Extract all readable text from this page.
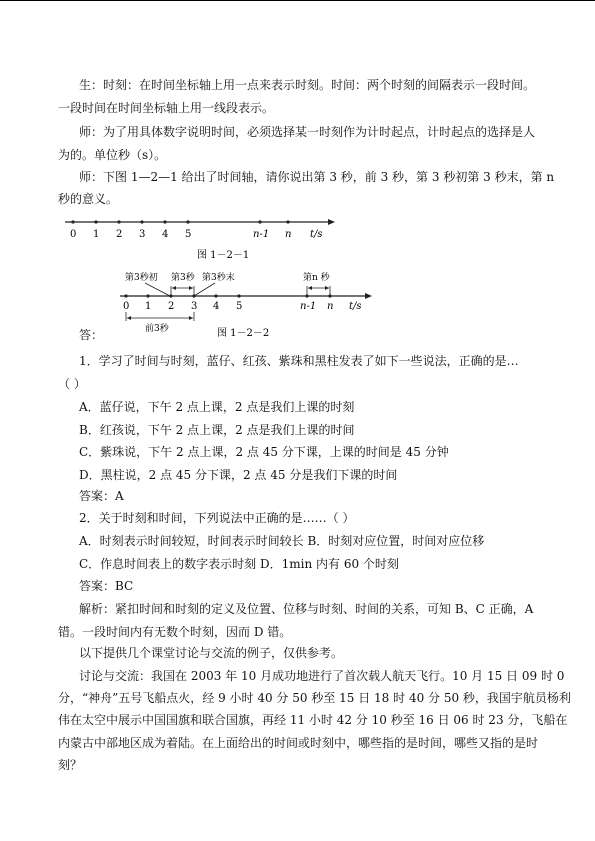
生：时刻：在时间坐标轴上用一点来表示时刻。时间：两个时刻的间隔表示一段时间。
一段时间在时间坐标轴上用一线段表示。
师：为了用具体数字说明时间，必须选择某一时刻作为计时起点，计时起点的选择是人
为的。单位秒（s）。
师：下图 1—2—1 给出了时间轴，请你说出第 3 秒，前 3 秒，第 3 秒初第 3 秒末，第 n
秒的意义。
0 1 2 3 4 5	n-1 n t/s
图 1－2－1
第3秒初 第3秒 第3秒末	第n 秒
0 1 2 3 4 5	n-1 n t/s
前3秒	图 1－2－2
答：
1．学习了时间与时刻，蓝仔、红孩、紫珠和黑柱发表了如下一些说法，正确的是…
（ ）
A．蓝仔说，下午 2 点上课，2 点是我们上课的时刻
B．红孩说，下午 2 点上课，2 点是我们上课的时间
C．紫珠说，下午 2 点上课，2 点 45 分下课，上课的时间是 45 分钟
D．黑柱说，2 点 45 分下课，2 点 45 分是我们下课的时间
答案：A
2．关于时刻和时间，下列说法中正确的是……（ ）
A．时刻表示时间较短，时间表示时间较长 B．时刻对应位置，时间对应位移
C．作息时间表上的数字表示时刻 D．1min 内有 60 个时刻
答案：BC
解析：紧扣时间和时刻的定义及位置、位移与时刻、时间的关系，可知 B、C 正确，A
错。一段时间内有无数个时刻，因而 D 错。
以下提供几个课堂讨论与交流的例子，仅供参考。
讨论与交流：我国在 2003 年 10 月成功地进行了首次载人航天飞行。10 月 15 日 09 时 0
分，“神舟”五号飞船点火，经 9 小时 40 分 50 秒至 15 日 18 时 40 分 50 秒，我国宇航员杨利
伟在太空中展示中国国旗和联合国旗，再经 11 小时 42 分 10 秒至 16 日 06 时 23 分，飞船在
内蒙古中部地区成为着陆。在上面给出的时间或时刻中，哪些指的是时间，哪些又指的是时
刻？
